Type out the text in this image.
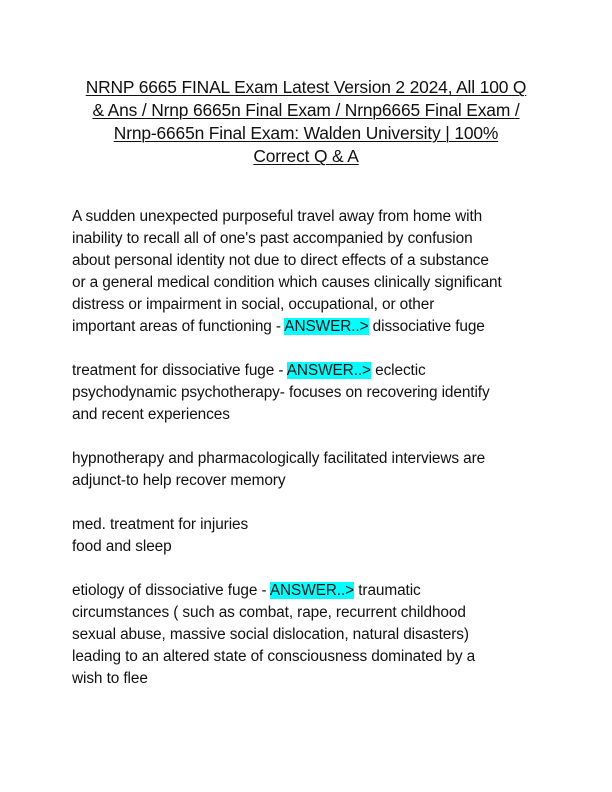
NRNP 6665 FINAL Exam Latest Version 2 2024, All 100 Q
& Ans / Nrnp 6665n Final Exam / Nrnp6665 Final Exam /
Nrnp-6665n Final Exam: Walden University | 100%
Correct Q & A

A sudden unexpected purposeful travel away from home with
inability to recall all of one's past accompanied by confusion
about personal identity not due to direct effects of a substance
or a general medical condition which causes clinically significant
distress or impairment in social, occupational, or other
important areas of functioning - ANSWER..> dissociative fuge

treatment for dissociative fuge - ANSWER..> eclectic
psychodynamic psychotherapy- focuses on recovering identify
and recent experiences

hypnotherapy and pharmacologically facilitated interviews are
adjunct-to help recover memory

med. treatment for injuries
food and sleep

etiology of dissociative fuge - ANSWER..> traumatic
circumstances ( such as combat, rape, recurrent childhood
sexual abuse, massive social dislocation, natural disasters)
leading to an altered state of consciousness dominated by a
wish to flee
